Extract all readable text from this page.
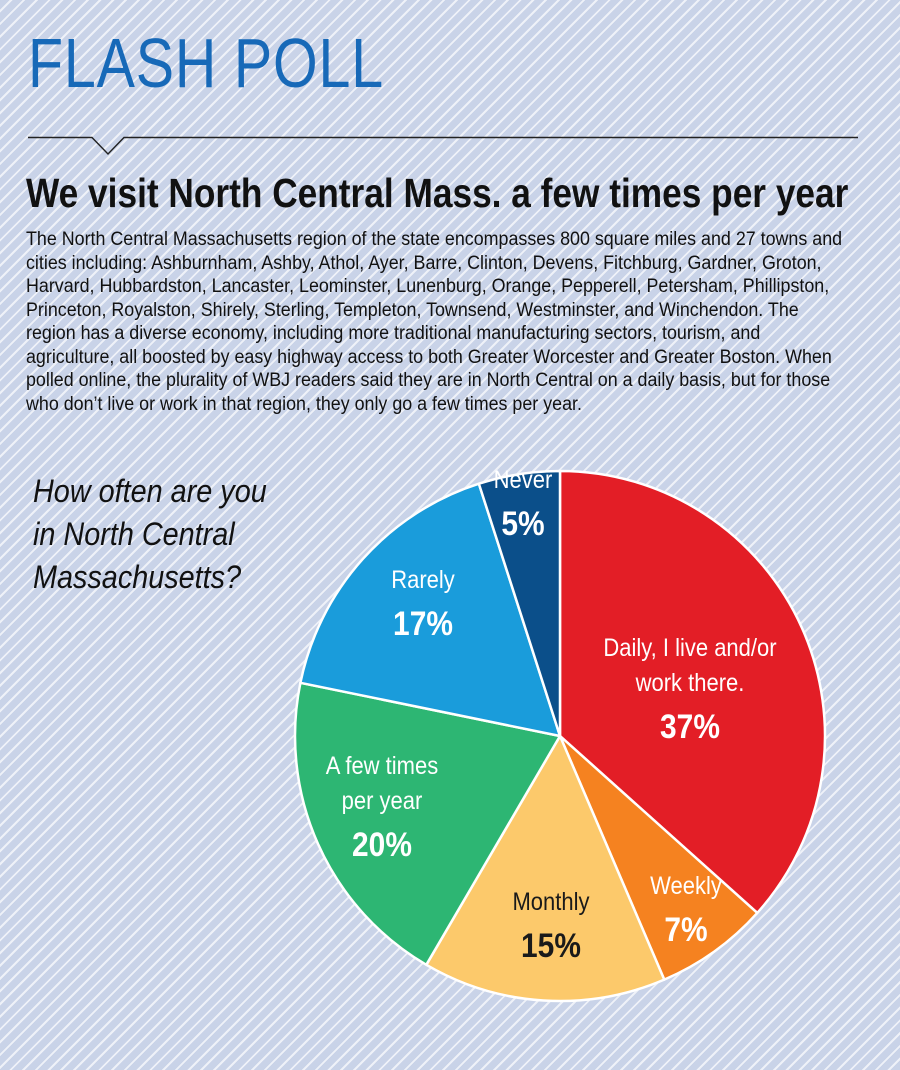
FLASH POLL
We visit North Central Mass. a few times per year
The North Central Massachusetts region of the state encompasses 800 square miles and 27 towns and cities including: Ashburnham, Ashby, Athol, Ayer, Barre, Clinton, Devens, Fitchburg, Gardner, Groton, Harvard, Hubbardston, Lancaster, Leominster, Lunenburg, Orange, Pepperell, Petersham, Phillipston, Princeton, Royalston, Shirely, Sterling, Templeton, Townsend, Westminster, and Winchendon. The region has a diverse economy, including more traditional manufacturing sectors, tourism, and agriculture, all boosted by easy highway access to both Greater Worcester and Greater Boston. When polled online, the plurality of WBJ readers said they are in North Central on a daily basis, but for those who don’t live or work in that region, they only go a few times per year.
How often are you in North Central Massachusetts?
Daily, I live and/or
work there.
37%
Weekly
7%
Monthly
15%
A few times
per year
20%
Rarely
17%
Never
5%
